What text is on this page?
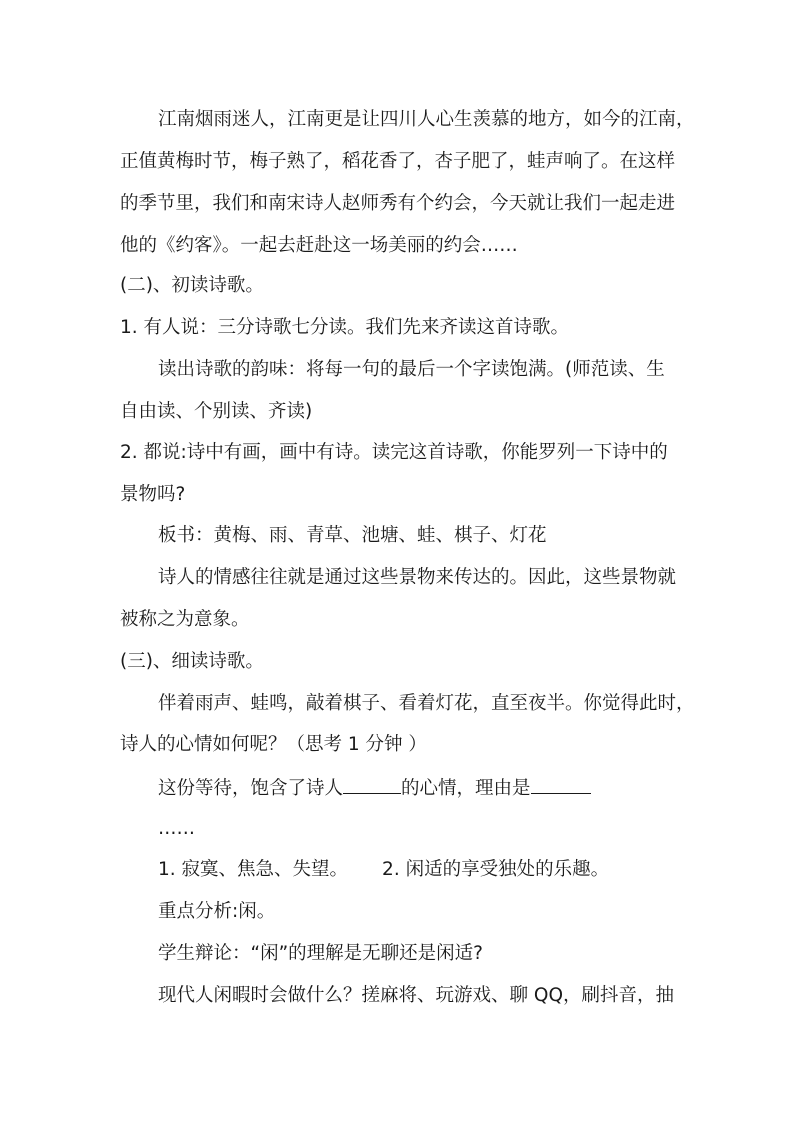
江南烟雨迷人，江南更是让四川人心生羡慕的地方，如今的江南，
正值黄梅时节，梅子熟了，稻花香了，杏子肥了，蛙声响了。在这样
的季节里，我们和南宋诗人赵师秀有个约会，今天就让我们一起走进
他的《约客》。一起去赶赴这一场美丽的约会……
(二)、初读诗歌。
1. 有人说：三分诗歌七分读。我们先来齐读这首诗歌。
读出诗歌的韵味：将每一句的最后一个字读饱满。(师范读、生
自由读、个别读、齐读)
2. 都说:诗中有画，画中有诗。读完这首诗歌，你能罗列一下诗中的
景物吗?
板书：黄梅、雨、青草、池塘、蛙、棋子、灯花
诗人的情感往往就是通过这些景物来传达的。因此，这些景物就
被称之为意象。
(三)、细读诗歌。
伴着雨声、蛙鸣，敲着棋子、看着灯花，直至夜半。你觉得此时，
诗人的心情如何呢？（思考 1 分钟 ）
这份等待，饱含了诗人	的心情，理由是
……
1. 寂寞、焦急、失望。 2. 闲适的享受独处的乐趣。
重点分析:闲。
学生辩论：“闲”的理解是无聊还是闲适?
现代人闲暇时会做什么？搓麻将、玩游戏、聊 QQ，刷抖音，抽
